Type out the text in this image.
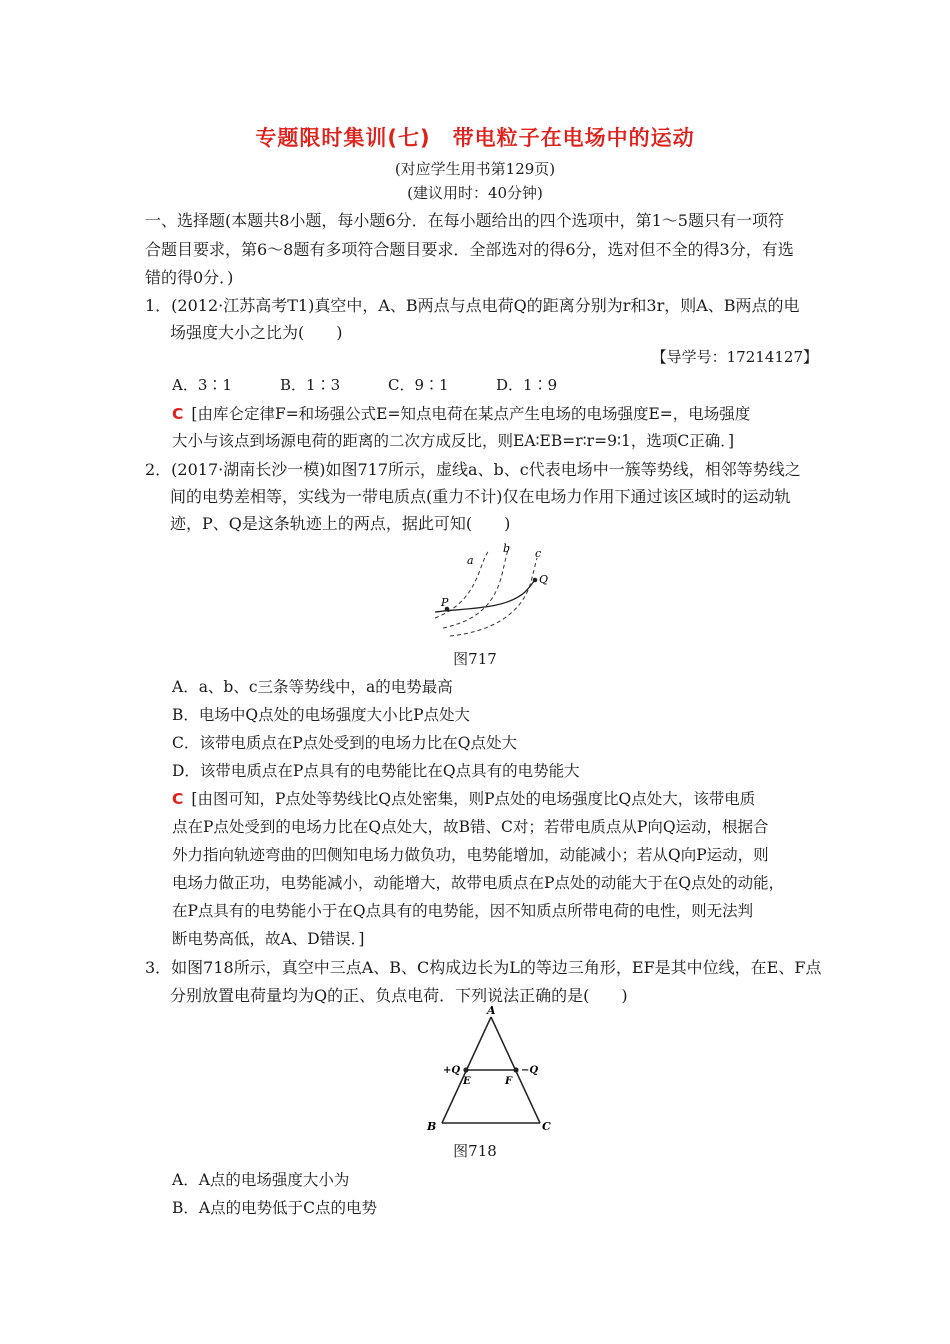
专题限时集训(七)　带电粒子在电场中的运动
(对应学生用书第129页)
(建议用时：40分钟)
一、选择题(本题共8小题，每小题6分．在每小题给出的四个选项中，第1～5题只有一项符
合题目要求，第6～8题有多项符合题目要求．全部选对的得6分，选对但不全的得3分，有选
错的得0分．)
1．(2012·江苏高考T1)真空中，A、B两点与点电荷Q的距离分别为r和3r，则A、B两点的电
场强度大小之比为(　　)
【导学号：17214127】
A．3∶1	B．1∶3	C．9∶1	D．1∶9
C [由库仑定律F=和场强公式E=知点电荷在某点产生电场的电场强度E=，电场强度
大小与该点到场源电荷的距离的二次方成反比，则EA∶EB=r∶r=9∶1，选项C正确．]
2．(2017·湖南长沙一模)如图717所示，虚线a、b、c代表电场中一簇等势线，相邻等势线之
间的电势差相等，实线为一带电质点(重力不计)仅在电场力作用下通过该区域时的运动轨
迹，P、Q是这条轨迹上的两点，据此可知(　　)
a
b c
P
Q
图717
A．a、b、c三条等势线中，a的电势最高
B．电场中Q点处的电场强度大小比P点处大
C．该带电质点在P点处受到的电场力比在Q点处大
D．该带电质点在P点具有的电势能比在Q点具有的电势能大
C [由图可知，P点处等势线比Q点处密集，则P点处的电场强度比Q点处大，该带电质
点在P点处受到的电场力比在Q点处大，故B错、C对；若带电质点从P向Q运动，根据合
外力指向轨迹弯曲的凹侧知电场力做负功，电势能增加，动能减小；若从Q向P运动，则
电场力做正功，电势能减小，动能增大，故带电质点在P点处的动能大于在Q点处的动能，
在P点具有的电势能小于在Q点具有的电势能，因不知质点所带电荷的电性，则无法判
断电势高低，故A、D错误．]
3．如图718所示，真空中三点A、B、C构成边长为L的等边三角形，EF是其中位线，在E、F点
分别放置电荷量均为Q的正、负点电荷．下列说法正确的是(　　)
A
B	C
E	F
+Q	−Q
图718
A．A点的电场强度大小为
B．A点的电势低于C点的电势
